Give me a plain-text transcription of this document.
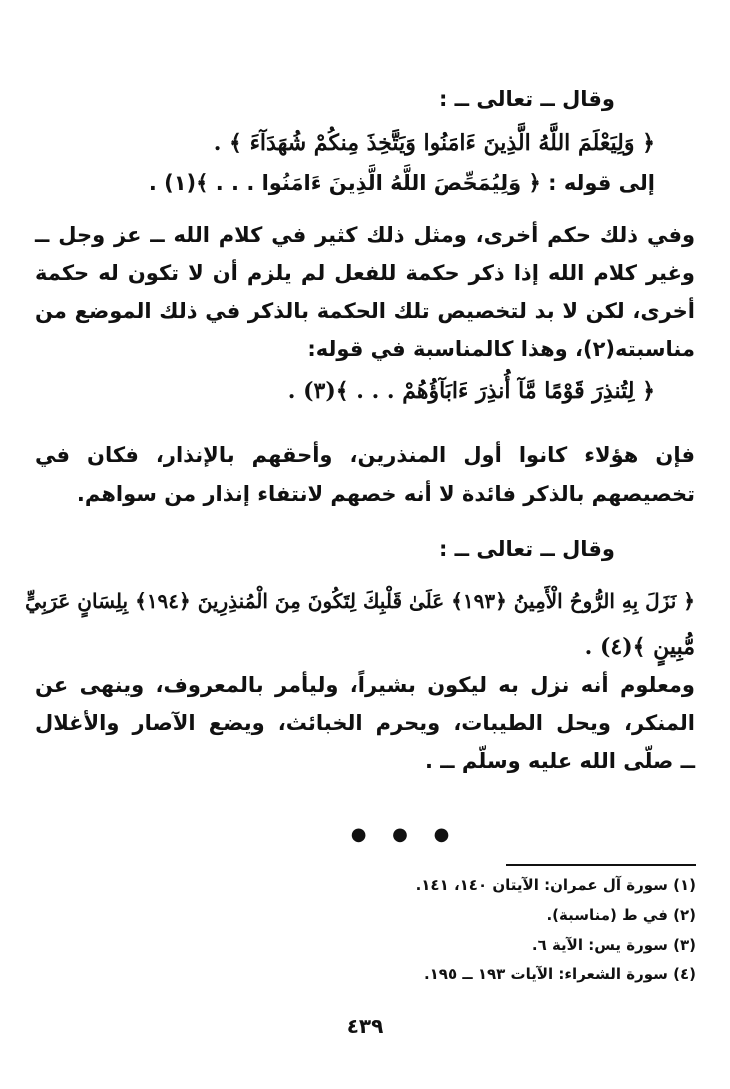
وقال ــ تعالى ــ :
﴿ وَلِيَعْلَمَ اللَّهُ الَّذِينَ ءَامَنُوا وَيَتَّخِذَ مِنكُمْ شُهَدَآءَ ﴾ .
إلى قوله : ﴿ وَلِيُمَحِّصَ اللَّهُ الَّذِينَ ءَامَنُوا . . . ﴾(١) .
وفي ذلك حكم أخرى، ومثل ذلك كثير في كلام الله ــ عز وجل ــ
وغير كلام الله إذا ذكر حكمة للفعل لم يلزم أن لا تكون له حكمة
أخرى، لكن لا بد لتخصيص تلك الحكمة بالذكر في ذلك الموضع من
مناسبته(٢)، وهذا كالمناسبة في قوله:
﴿ لِتُنذِرَ قَوْمًا مَّآ أُنذِرَ ءَابَآؤُهُمْ . . . ﴾(٣) .
فإن هؤلاء كانوا أول المنذرين، وأحقهم بالإنذار، فكان في
تخصيصهم بالذكر فائدة لا أنه خصهم لانتفاء إنذار من سواهم.
وقال ــ تعالى ــ :
﴿ نَزَلَ بِهِ الرُّوحُ الْأَمِينُ ﴿١٩٣﴾ عَلَىٰ قَلْبِكَ لِتَكُونَ مِنَ الْمُنذِرِينَ ﴿١٩٤﴾ بِلِسَانٍ عَرَبِيٍّ
مُّبِينٍ ﴾(٤) .
ومعلوم أنه نزل به ليكون بشيراً، وليأمر بالمعروف، وينهى عن
المنكر، ويحل الطيبات، ويحرم الخبائث، ويضع الآصار والأغلال
ــ صلّى الله عليه وسلّم ــ .
● ● ●
(١) سورة آل عمران: الآيتان ١٤٠، ١٤١.
(٢) في ط (مناسبة).
(٣) سورة يس: الآية ٦.
(٤) سورة الشعراء: الآيات ١٩٣ ــ ١٩٥.
٤٣٩
